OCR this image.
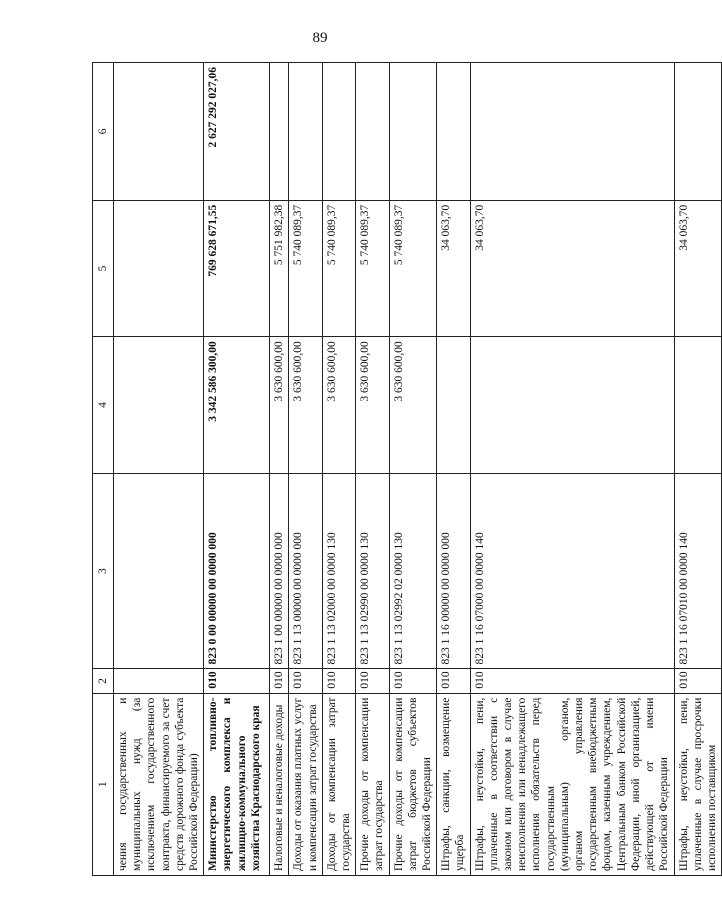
89
1	2	3	4	5	6
чения государственных и муниципальных нужд (за исключением государственного контракта, финансируемого за счет средств дорожного фонда субъекта Российской Федерации)					
Министерство топливно-энергетического комплекса и жилищно-коммунального хозяйства Краснодарского края	010	823 0 00 00000 00 0000 000	3 342 586 300,00	769 628 671,55	2 627 292 027,06
Налоговые и неналоговые доходы	010	823 1 00 00000 00 0000 000	3 630 600,00	5 751 982,38	
Доходы от оказания платных услуг и компенсации затрат государства	010	823 1 13 00000 00 0000 000	3 630 600,00	5 740 089,37	
Доходы от компенсации затрат государства	010	823 1 13 02000 00 0000 130	3 630 600,00	5 740 089,37	
Прочие доходы от компенсации затрат государства	010	823 1 13 02990 00 0000 130	3 630 600,00	5 740 089,37	
Прочие доходы от компенсации затрат бюджетов субъектов Российской Федерации	010	823 1 13 02992 02 0000 130	3 630 600,00	5 740 089,37	
Штрафы, санкции, возмещение ущерба	010	823 1 16 00000 00 0000 000		34 063,70	
Штрафы, неустойки, пени, уплаченные в соответствии с законом или договором в случае неисполнения или ненадлежащего исполнения обязательств перед государственным (муниципальным) органом, органом управления государственным внебюджетным фондом, казенным учреждением, Центральным банком Российской Федерации, иной организацией, действующей от имени Российской Федерации	010	823 1 16 07000 00 0000 140		34 063,70	
Штрафы, неустойки, пени, уплаченные в случае просрочки исполнения поставщиком	010	823 1 16 07010 00 0000 140		34 063,70	
